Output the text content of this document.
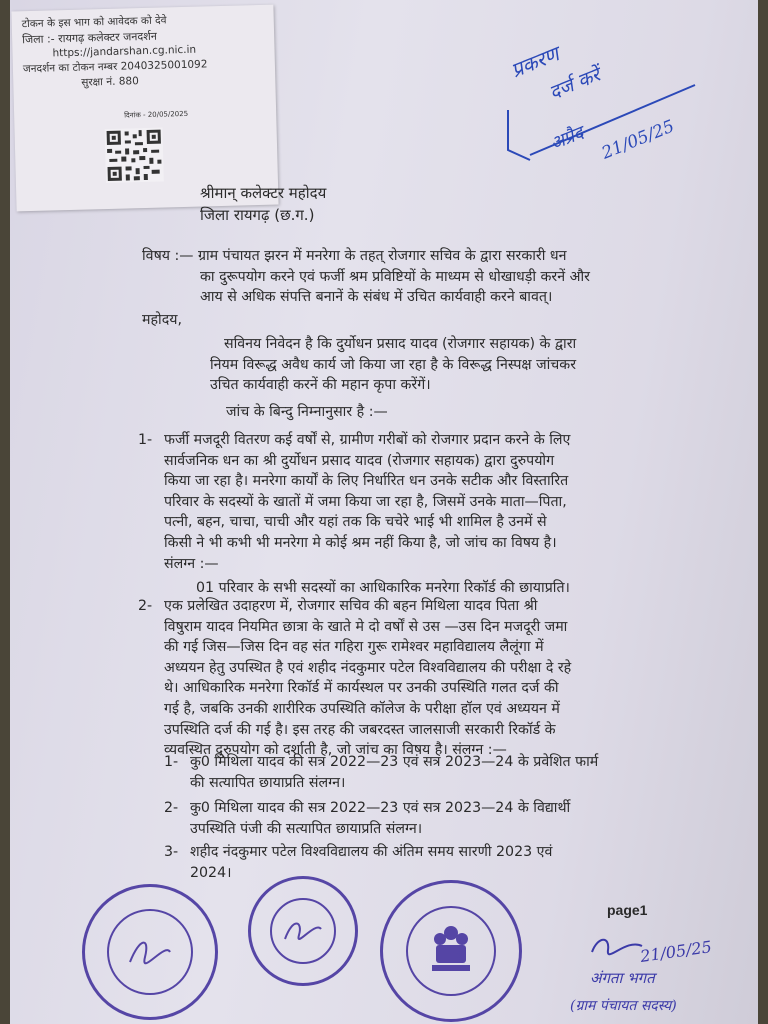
टोकन के इस भाग को आवेदक को देवे
जिला :- रायगढ़ कलेक्टर जनदर्शन
https://jandarshan.cg.nic.in
जनदर्शन का टोकन नम्बर 2040325001092
सुरक्षा नं. 880
दिनांक - 20/05/2025
प्रकरण
दर्ज करें
अप्रैद 21/05/25
श्रीमान् कलेक्टर महोदय
जिला रायगढ़ (छ.ग.)

विषय :— ग्राम पंचायत झरन में मनरेगा के तहत् रोजगार सचिव के द्वारा सरकारी धन

का दुरूपयोग करने एवं फर्जी श्रम प्रविष्टियों के माध्यम से धोखाधड़ी करनें और

आय से अधिक संपत्ति बनानें के संबंध में उचित कार्यवाही करने बावत्।

महोदय,

सविनय निवेदन है कि दुर्योधन प्रसाद यादव (रोजगार सहायक) के द्वारा

नियम विरूद्ध अवैध कार्य जो किया जा रहा है के विरूद्ध निस्पक्ष जांचकर

उचित कार्यवाही करनें की महान कृपा करेंगें।

जांच के बिन्दु निम्नानुसार है :—
1- फर्जी मजदूरी वितरण कई वर्षों से, ग्रामीण गरीबों को रोजगार प्रदान करने के लिए

सार्वजनिक धन का श्री दुर्योधन प्रसाद यादव (रोजगार सहायक) द्वारा दुरुपयोग

किया जा रहा है। मनरेगा कार्यों के लिए निर्धारित धन उनके सटीक और विस्तारित

परिवार के सदस्यों के खातों में जमा किया जा रहा है, जिसमें उनके माता—पिता,

पत्नी, बहन, चाचा, चाची और यहां तक कि चचेरे भाई भी शामिल है उनमें से

किसी ने भी कभी भी मनरेगा मे कोई श्रम नहीं किया है, जो जांच का विषय है।

संलग्न :—

01 परिवार के सभी सदस्यों का आधिकारिक मनरेगा रिकॉर्ड की छायाप्रति।

2- एक प्रलेखित उदाहरण में, रोजगार सचिव की बहन मिथिला यादव पिता श्री

विषुराम यादव नियमित छात्रा के खाते मे दो वर्षों से उस —उस दिन मजदूरी जमा

की गई जिस—जिस दिन वह संत गहिरा गुरू रामेश्वर महाविद्यालय लैलूंगा में

अध्ययन हेतु उपस्थित है एवं शहीद नंदकुमार पटेल विश्वविद्यालय की परीक्षा दे रहे

थे। आधिकारिक मनरेगा रिकॉर्ड में कार्यस्थल पर उनकी उपस्थिति गलत दर्ज की

गई है, जबकि उनकी शारीरिक उपस्थिति कॉलेज के परीक्षा हॉल एवं अध्ययन में

उपस्थिति दर्ज की गई है। इस तरह की जबरदस्त जालसाजी सरकारी रिकॉर्ड के

व्यवस्थित दुरुपयोग को दर्शाती है, जो जांच का विषय है। संलग्न :—

1- कु0 मिथिला यादव की सत्र 2022—23 एवं सत्र 2023—24 के प्रवेशित फार्म

की सत्यापित छायाप्रति संलग्न।

2- कु0 मिथिला यादव की सत्र 2022—23 एवं सत्र 2023—24 के विद्यार्थी

उपस्थिति पंजी की सत्यापित छायाप्रति संलग्न।

3- शहीद नंदकुमार पटेल विश्वविद्यालय की अंतिम समय सारणी 2023 एवं

2024।

page1
21/05/25
अंगता भगत
(ग्राम पंचायत सदस्य)
